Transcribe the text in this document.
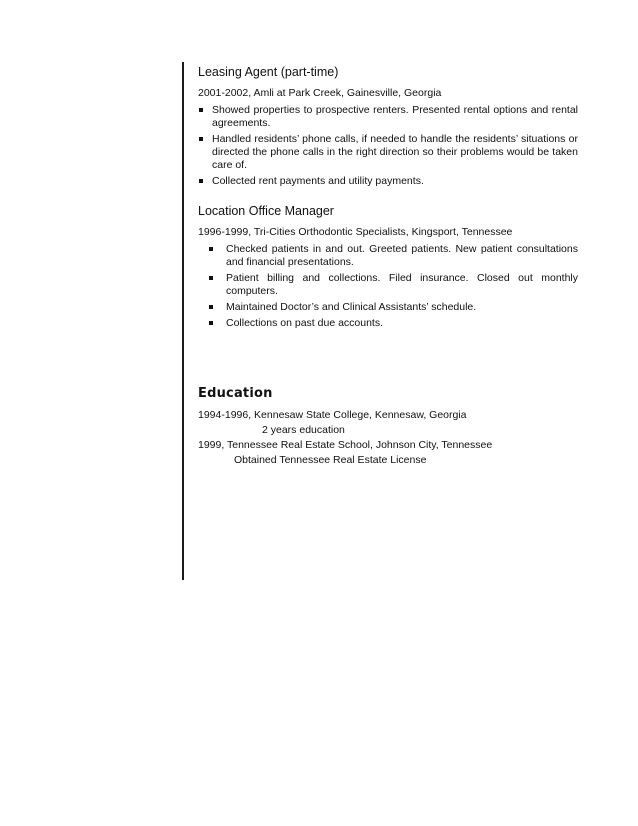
Leasing Agent (part-time)

2001-2002, Amli at Park Creek, Gainesville, Georgia

Showed properties to prospective renters. Presented rental options and rental agreements.
Handled residents’ phone calls, if needed to handle the residents’ situations or directed the phone calls in the right direction so their problems would be taken care of.
Collected rent payments and utility payments.

Location Office Manager

1996-1999, Tri-Cities Orthodontic Specialists, Kingsport, Tennessee

Checked patients in and out. Greeted patients. New patient consultations and financial presentations.
Patient billing and collections. Filed insurance. Closed out monthly computers.
Maintained Doctor’s and Clinical Assistants’ schedule.
Collections on past due accounts.
Education

1994-1996, Kennesaw State College, Kennesaw, Georgia

2 years education

1999, Tennessee Real Estate School, Johnson City, Tennessee

Obtained Tennessee Real Estate License
